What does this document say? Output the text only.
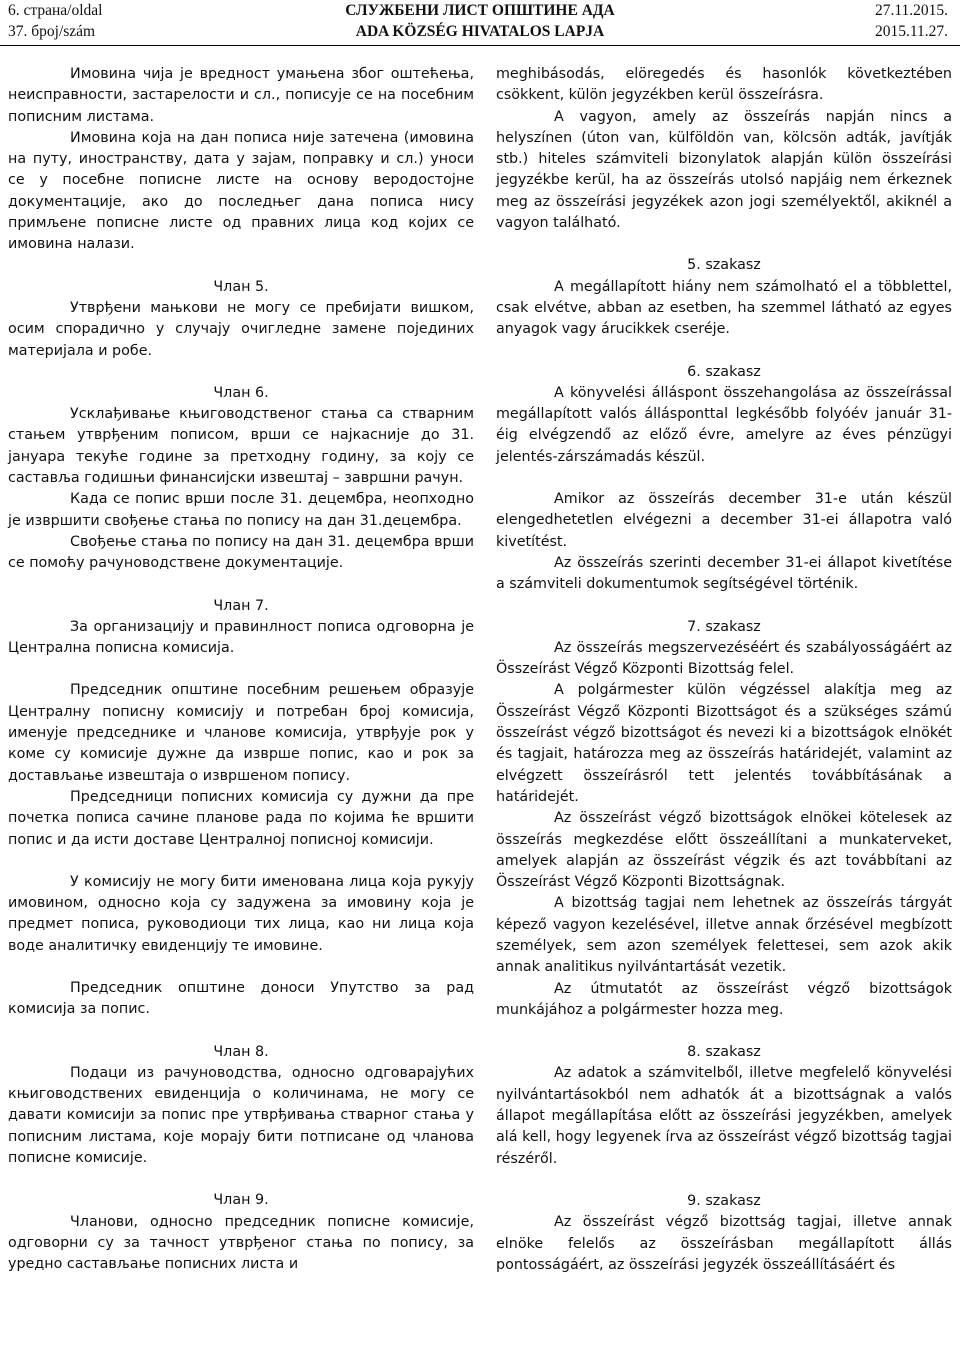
6. страна/oldal
37. број/szám
СЛУЖБЕНИ ЛИСТ ОПШТИНЕ АДА
ADA KÖZSÉG HIVATALOS LAPJA
27.11.2015.
2015.11.27.
Имовина чија је вредност умањена због оштећења, неисправности, застарелости и сл., пописује се на посебним пописним листама.
Имовина која на дан пописа није затечена (имовина на путу, иностранству, дата у зајам, поправку и сл.) уноси се у посебне пописне листе на основу веродостојне документације, ако до последњег дана пописа нису примљене пописне листе од правних лица код којих се имовина налази.
Члан 5.
Утврђени мањкови не могу се пребијати вишком, осим спорадично у случају очигледне замене појединих материјала и робе.
Члан 6.
Усклађивање књиговодственог стања са стварним стањем утврђеним пописом, врши се најкасније до 31. јануара текуће године за претходну годину, за коју се саставља годишњи финансијски извештај – завршни рачун.
Када се попис врши после 31. децембра, неопходно је извршити свођење стања по попису на дан 31.децембра.
Свођење стања по попису на дан 31. децембра врши се помоћу рачуноводствене документације.
Члан 7.
За организацију и правинлност пописа одговорна је Централна пописна комисија.
Председник општине посебним решењем образује Централну пописну комисију и потребан број комисија, именује председнике и чланове комисија, утврђује рок у коме су комисије дужне да изврше попис, као и рок за достављање извештаја о извршеном попису.
Председници пописних комисија су дужни да пре почетка пописа сачине планове рада по којима ће вршити попис и да исти доставе Централној пописној комисији.
У комисију не могу бити именована лица која рукују имовином, односно која су задужена за имовину која је предмет пописа, руководиоци тих лица, као ни лица која воде аналитичку евиденцију те имовине.
Председник општине доноси Упутство за рад комисија за попис.
Члан 8.
Подаци из рачуноводства, односно одговарајућих књиговодствених евиденција о количинама, не могу се давати комисији за попис пре утврђивања стварног стања у пописним листама, које морају бити потписане од чланова пописне комисије.
Члан 9.
Чланови, односно председник пописне комисије, одговорни су за тачност утврђеног стања по попису, за уредно састављање пописних листа и
meghibásodás, elöregedés és hasonlók következtében csökkent, külön jegyzékben kerül összeírásra.
A vagyon, amely az összeírás napján nincs a helyszínen (úton van, külföldön van, kölcsön adták, javítják stb.) hiteles számviteli bizonylatok alapján külön összeírási jegyzékbe kerül, ha az összeírás utolsó napjáig nem érkeznek meg az összeírási jegyzékek azon jogi személyektől, akiknél a vagyon található.
5. szakasz
A megállapított hiány nem számolható el a többlettel, csak elvétve, abban az esetben, ha szemmel látható az egyes anyagok vagy árucikkek cseréje.
6. szakasz
A könyvelési álláspont összehangolása az összeírással megállapított valós állásponttal legkésőbb folyóév január 31-éig elvégzendő az előző évre, amelyre az éves pénzügyi jelentés-zárszámadás készül.
Amikor az összeírás december 31-e után készül elengedhetetlen elvégezni a december 31-ei állapotra való kivetítést.
Az összeírás szerinti december 31-ei állapot kivetítése a számviteli dokumentumok segítségével történik.
7. szakasz
Az összeírás megszervezéséért és szabályosságáért az Összeírást Végző Központi Bizottság felel.
A polgármester külön végzéssel alakítja meg az Összeírást Végző Központi Bizottságot és a szükséges számú összeírást végző bizottságot és nevezi ki a bizottságok elnökét és tagjait, határozza meg az összeírás határidejét, valamint az elvégzett összeírásról tett jelentés továbbításának a határidejét.
Az összeírást végző bizottságok elnökei kötelesek az összeírás megkezdése előtt összeállítani a munkaterveket, amelyek alapján az összeírást végzik és azt továbbítani az Összeírást Végző Központi Bizottságnak.
A bizottság tagjai nem lehetnek az összeírás tárgyát képező vagyon kezelésével, illetve annak őrzésével megbízott személyek, sem azon személyek felettesei, sem azok akik annak analitikus nyilvántartását vezetik.
Az útmutatót az összeírást végző bizottságok munkájához a polgármester hozza meg.
8. szakasz
Az adatok a számvitelből, illetve megfelelő könyvelési nyilvántartásokból nem adhatók át a bizottságnak a valós állapot megállapítása előtt az összeírási jegyzékben, amelyek alá kell, hogy legyenek írva az összeírást végző bizottság tagjai részéről.
9. szakasz
Az összeírást végző bizottság tagjai, illetve annak elnöke felelős az összeírásban megállapított állás pontosságáért, az összeírási jegyzék összeállításáért és
